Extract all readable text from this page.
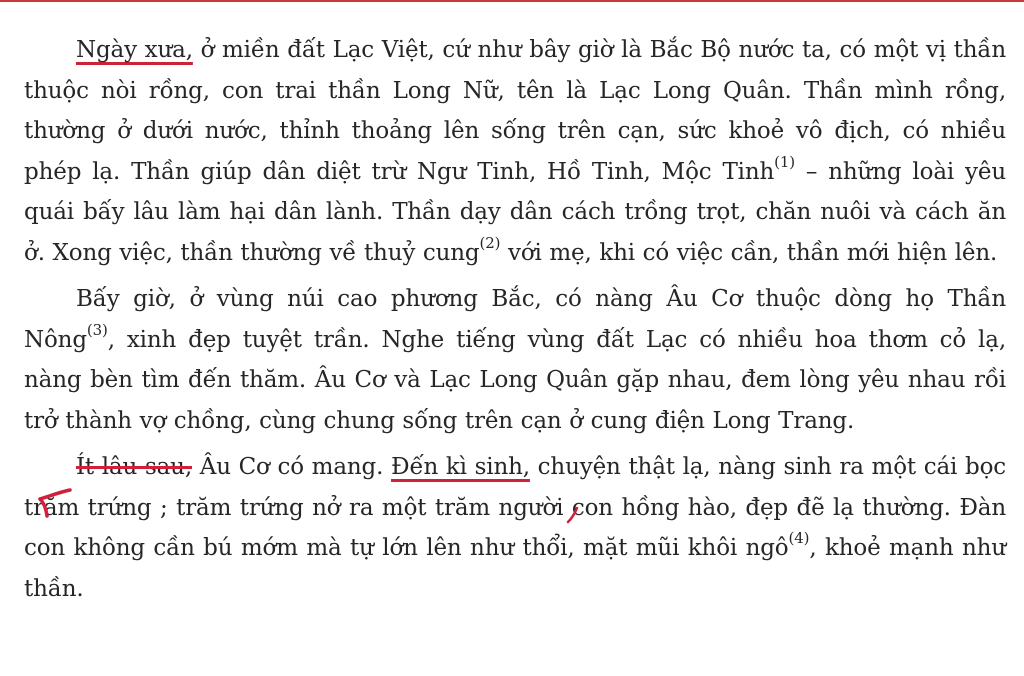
Ngày xưa, ở miền đất Lạc Việt, cứ như bây giờ là Bắc Bộ nước ta, có một vị thần thuộc nòi rồng, con trai thần Long Nữ, tên là Lạc Long Quân. Thần mình rồng, thường ở dưới nước, thỉnh thoảng lên sống trên cạn, sức khoẻ vô địch, có nhiều phép lạ. Thần giúp dân diệt trừ Ngư Tinh, Hồ Tinh, Mộc Tinh$^{(1)}$ – những loài yêu quái bấy lâu làm hại dân lành. Thần dạy dân cách trồng trọt, chăn nuôi và cách ăn ở. Xong việc, thần thường về thuỷ cung$^{(2)}$ với mẹ, khi có việc cần, thần mới hiện lên.

Bấy giờ, ở vùng núi cao phương Bắc, có nàng Âu Cơ thuộc dòng họ Thần Nông$^{(3)}$, xinh đẹp tuyệt trần. Nghe tiếng vùng đất Lạc có nhiều hoa thơm cỏ lạ, nàng bèn tìm đến thăm. Âu Cơ và Lạc Long Quân gặp nhau, đem lòng yêu nhau rồi trở thành vợ chồng, cùng chung sống trên cạn ở cung điện Long Trang.

Ít lâu sau, Âu Cơ có mang. Đến kì sinh, chuyện thật lạ, nàng sinh ra một cái bọc trăm trứng ; trăm trứng nở ra một trăm người con hồng hào, đẹp đẽ lạ thường. Đàn con không cần bú mớm mà tự lớn lên như thổi, mặt mũi khôi ngô$^{(4)}$, khoẻ mạnh như thần.
